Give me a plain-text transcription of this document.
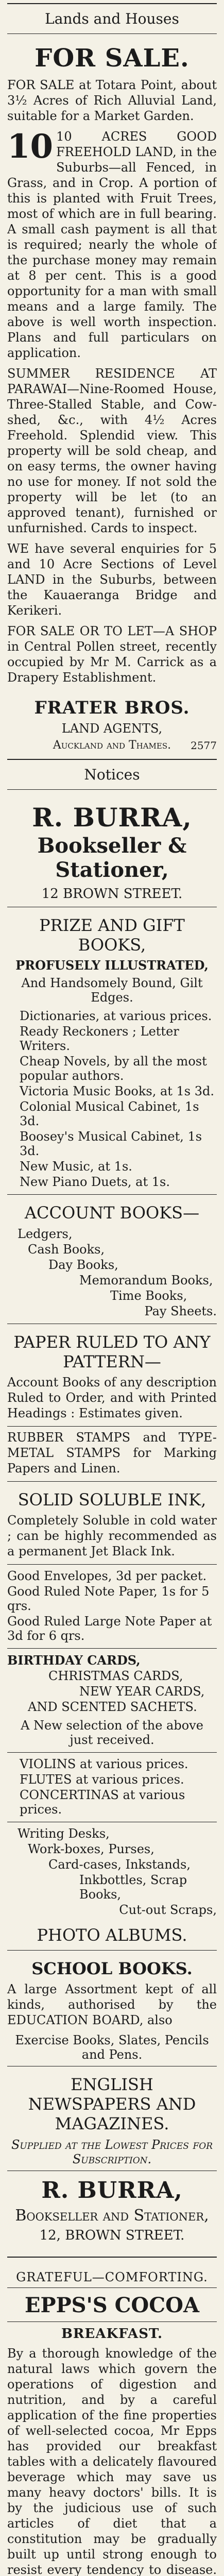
Lands and Houses
FOR SALE.

FOR SALE at Totara Point, about 3½ Acres of Rich Alluvial Land, suitable for a Market Garden.

10 10 ACRES GOOD FREEHOLD LAND, in the Suburbs—all Fenced, in Grass, and in Crop. A portion of this is planted with Fruit Trees, most of which are in full bearing. A small cash payment is all that is required; nearly the whole of the purchase money may remain at 8 per cent. This is a good opportunity for a man with small means and a large family. The above is well worth inspection. Plans and full particulars on application.

SUMMER RESIDENCE AT PARAWAI—Nine-Roomed House, Three-Stalled Stable, and Cow-shed, &c., with 4½ Acres Freehold. Splendid view. This property will be sold cheap, and on easy terms, the owner having no use for money. If not sold the property will be let (to an approved tenant), furnished or unfurnished. Cards to inspect.

WE have several enquiries for 5 and 10 Acre Sections of Level LAND in the Suburbs, between the Kauaeranga Bridge and Kerikeri.

FOR SALE OR TO LET—A SHOP in Central Pollen street, recently occupied by Mr M. Carrick as a Drapery Establishment.

FRATER BROS.
LAND AGENTS,
Auckland and Thames. 2577
Notices
R. BURRA,
Bookseller & Stationer,
12 BROWN STREET.
PRIZE AND GIFT BOOKS,
PROFUSELY ILLUSTRATED,
And Handsomely Bound, Gilt Edges.
Dictionaries, at various prices.
Ready Reckoners ; Letter Writers.
Cheap Novels, by all the most popular authors.
Victoria Music Books, at 1s 3d.
Colonial Musical Cabinet, 1s 3d.
Boosey's Musical Cabinet, 1s 3d.
New Music, at 1s.
New Piano Duets, at 1s.
ACCOUNT BOOKS—
Ledgers,
Cash Books,
Day Books,
Memorandum Books,
Time Books,
Pay Sheets.
PAPER RULED TO ANY PATTERN—

Account Books of any description Ruled to Order, and with Printed Headings : Estimates given.

RUBBER STAMPS and TYPE-METAL STAMPS for Marking Papers and Linen.

SOLID SOLUBLE INK,

Completely Soluble in cold water ; can be highly recommended as a permanent Jet Black Ink.

Good Envelopes, 3d per packet.
Good Ruled Note Paper, 1s for 5 qrs.
Good Ruled Large Note Paper at 3d for 6 qrs.
BIRTHDAY CARDS,
CHRISTMAS CARDS,
NEW YEAR CARDS,
AND SCENTED SACHETS.
A New selection of the above just received.
VIOLINS at various prices.
FLUTES at various prices.
CONCERTINAS at various prices.
Writing Desks,
Work-boxes, Purses,
Card-cases, Inkstands,
Inkbottles, Scrap Books,
Cut-out Scraps,
PHOTO ALBUMS.
SCHOOL BOOKS.

A large Assortment kept of all kinds, authorised by the EDUCATION BOARD, also

Exercise Books, Slates, Pencils and Pens.
ENGLISH NEWSPAPERS AND MAGAZINES.
Supplied at the Lowest Prices for Subscription.
R. BURRA,
Bookseller and Stationer,
12, BROWN STREET.
GRATEFUL—COMFORTING.
EPPS'S COCOA
BREAKFAST.

By a thorough knowledge of the natural laws which govern the operations of digestion and nutrition, and by a careful application of the fine properties of well-selected cocoa, Mr Epps has provided our breakfast tables with a delicately flavoured beverage which may save us many heavy doctors' bills. It is by the judicious use of such articles of diet that a constitution may be gradually built up until strong enough to resist every tendency to disease.
